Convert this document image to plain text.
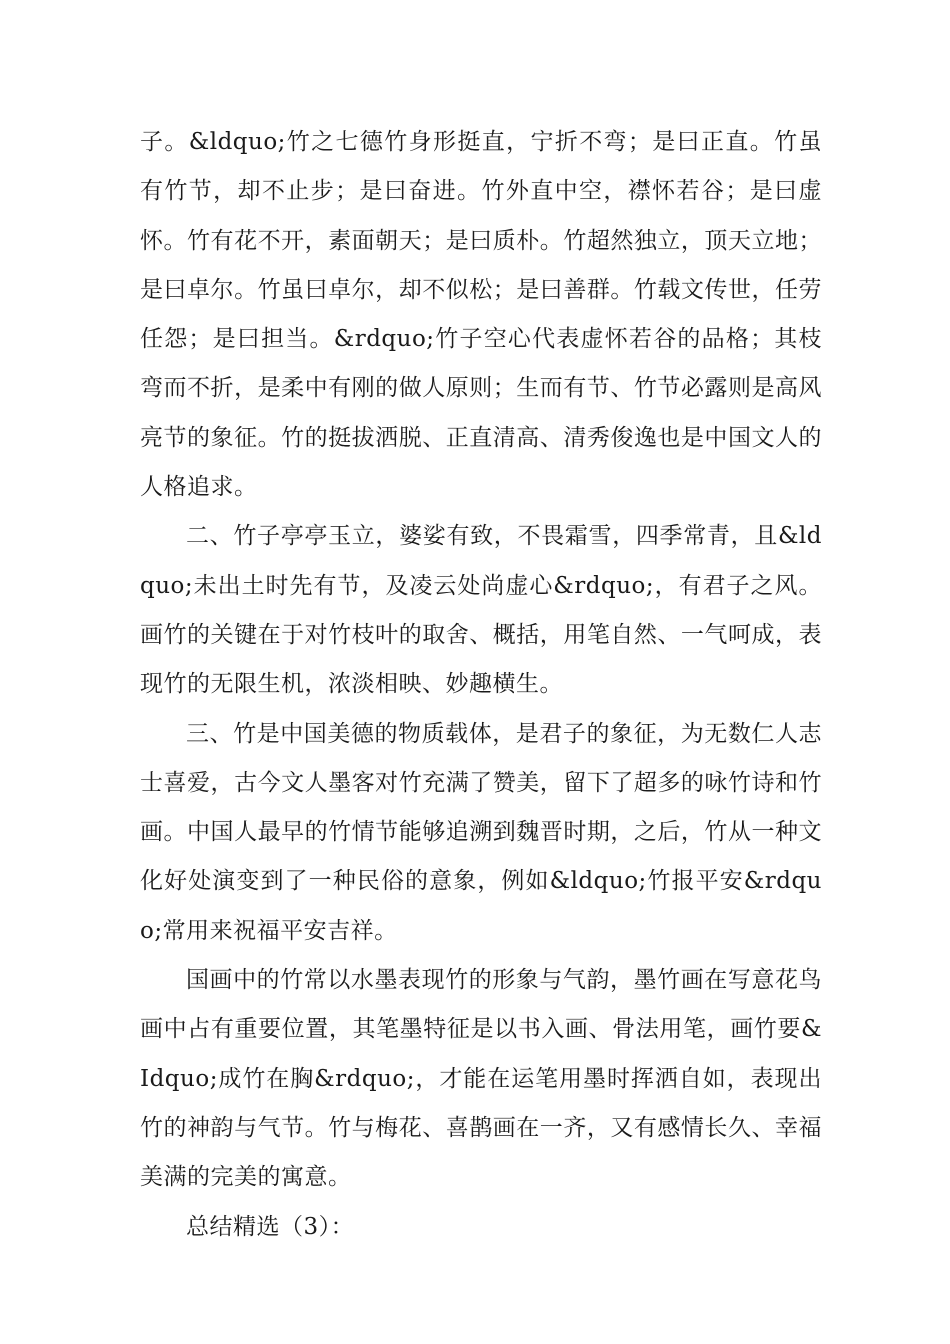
子。&ldquo;竹之七德竹身形挺直，宁折不弯；是曰正直。竹虽有竹节，却不止步；是曰奋进。竹外直中空，襟怀若谷；是曰虚怀。竹有花不开，素面朝天；是曰质朴。竹超然独立，顶天立地；是曰卓尔。竹虽曰卓尔，却不似松；是曰善群。竹载文传世，任劳任怨；是曰担当。&rdquo;竹子空心代表虚怀若谷的品格；其枝弯而不折，是柔中有刚的做人原则；生而有节、竹节必露则是高风亮节的象征。竹的挺拔洒脱、正直清高、清秀俊逸也是中国文人的人格追求。

二、竹子亭亭玉立，婆娑有致，不畏霜雪，四季常青，且&ldquo;未出土时先有节，及凌云处尚虚心&rdquo;，有君子之风。画竹的关键在于对竹枝叶的取舍、概括，用笔自然、一气呵成，表现竹的无限生机，浓淡相映、妙趣横生。

三、竹是中国美德的物质载体，是君子的象征，为无数仁人志士喜爱，古今文人墨客对竹充满了赞美，留下了超多的咏竹诗和竹画。中国人最早的竹情节能够追溯到魏晋时期，之后，竹从一种文化好处演变到了一种民俗的意象，例如&ldquo;竹报平安&rdquo;常用来祝福平安吉祥。

国画中的竹常以水墨表现竹的形象与气韵，墨竹画在写意花鸟画中占有重要位置，其笔墨特征是以书入画、骨法用笔，画竹要&Idquo;成竹在胸&rdquo;，才能在运笔用墨时挥洒自如，表现出竹的神韵与气节。竹与梅花、喜鹊画在一齐，又有感情长久、幸福美满的完美的寓意。

总结精选（3）：
